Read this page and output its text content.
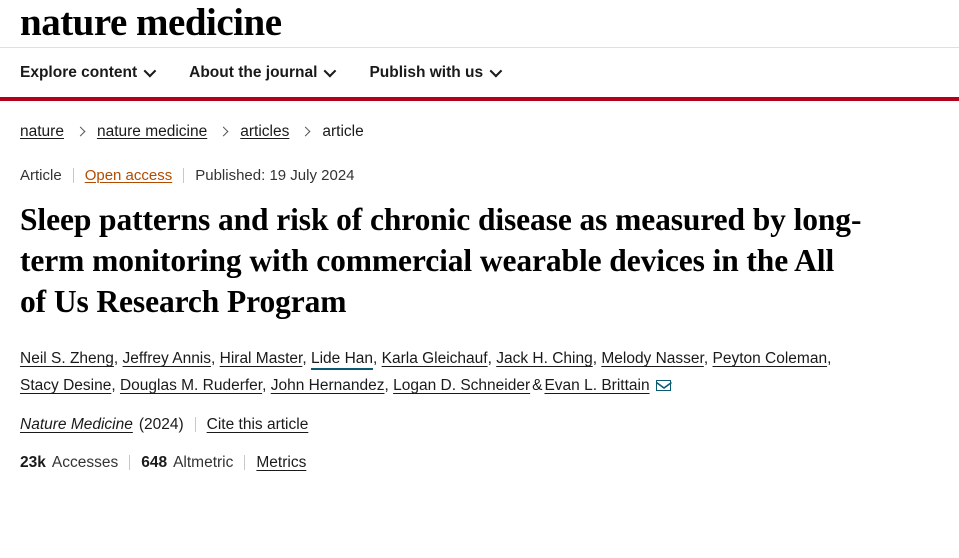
nature medicine
Explore content	About the journal	Publish with us
nature nature medicine articles article
Article Open access Published: 19 July 2024
Sleep patterns and risk of chronic disease as measured by long-term monitoring with commercial wearable devices in the All of Us Research Program
Neil S. Zheng, Jeffrey Annis, Hiral Master, Lide Han, Karla Gleichauf, Jack H. Ching, Melody Nasser, Peyton Coleman, Stacy Desine, Douglas M. Ruderfer, John Hernandez, Logan D. Schneider & Evan L. Brittain
Nature Medicine (2024) Cite this article
23k Accesses 648 Altmetric Metrics
